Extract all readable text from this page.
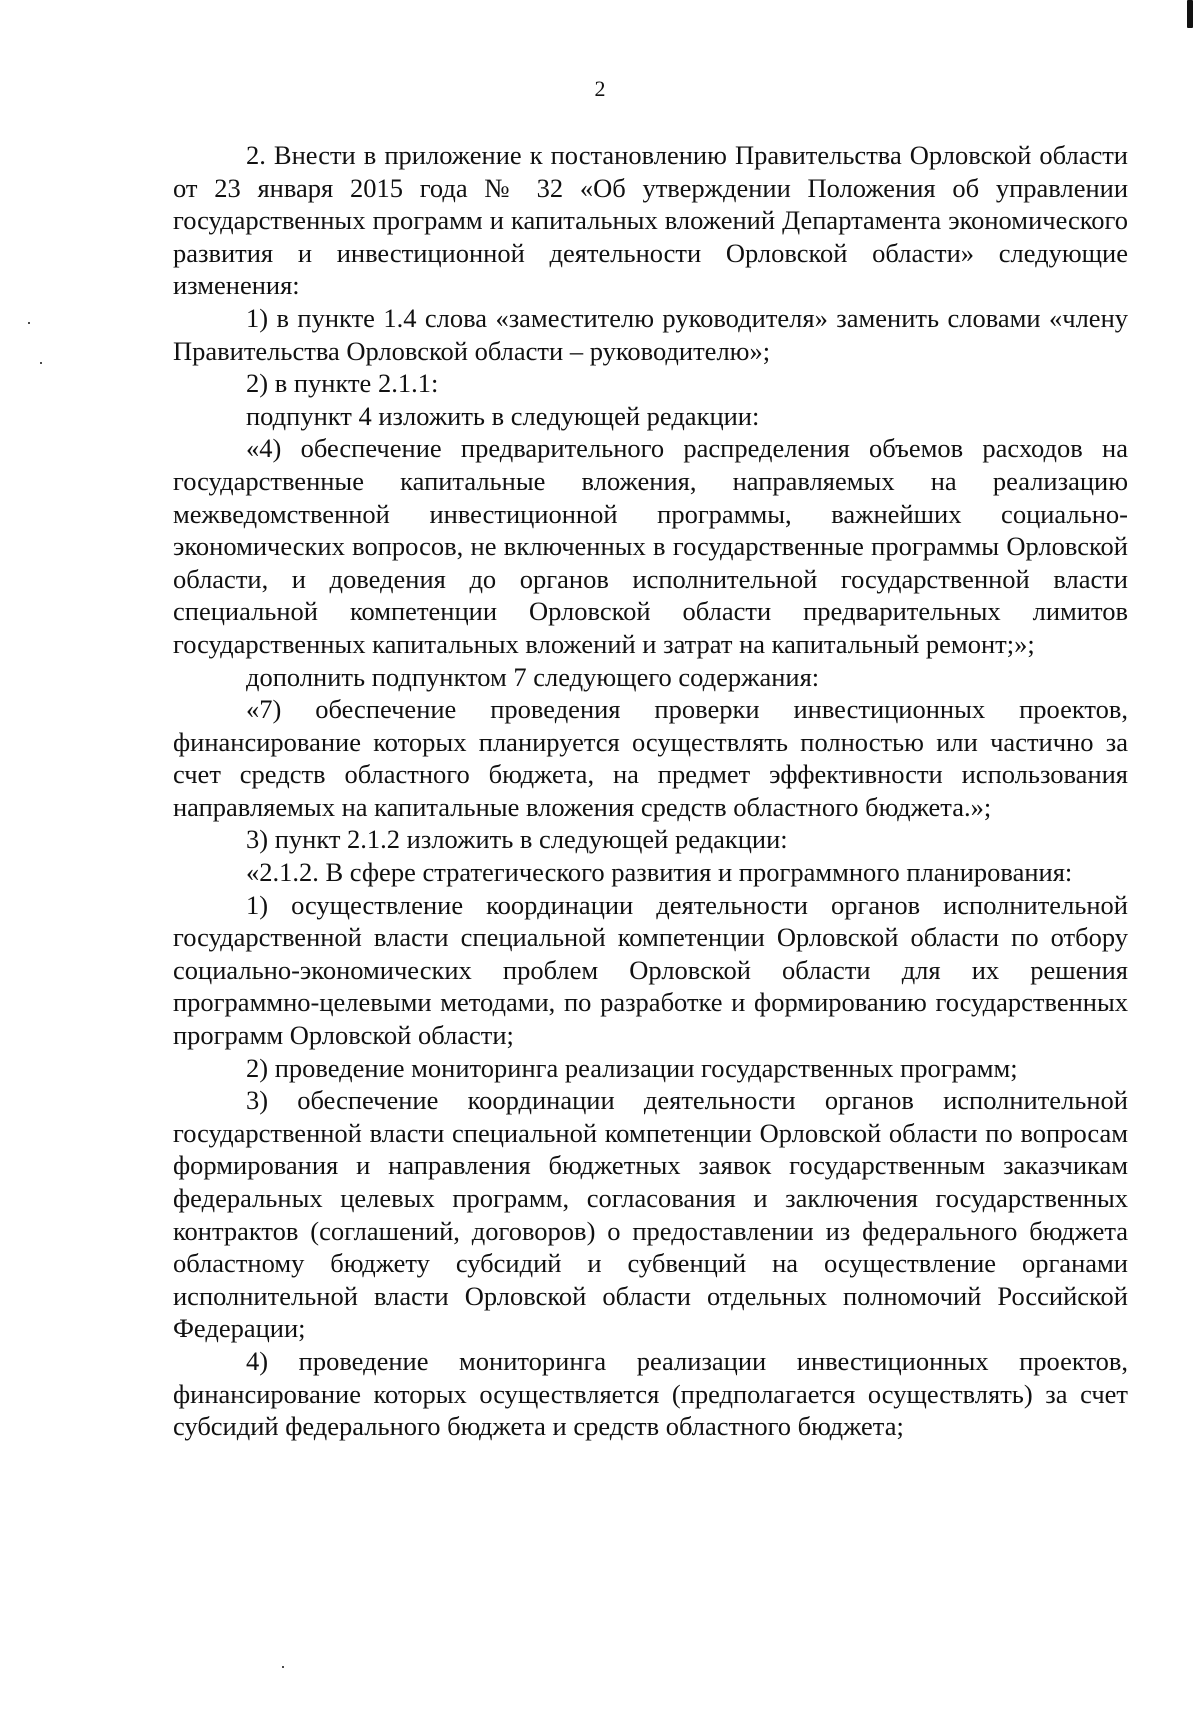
2

2. Внести в приложение к постановлению Правительства Орловской области от 23 января 2015 года № 32 «Об утверждении Положения об управлении государственных программ и капитальных вложений Департамента экономического развития и инвестиционной деятельности Орловской области» следующие изменения:

1) в пункте 1.4 слова «заместителю руководителя» заменить словами «члену Правительства Орловской области – руководителю»;

2) в пункте 2.1.1:

подпункт 4 изложить в следующей редакции:

«4) обеспечение предварительного распределения объемов расходов на государственные капитальные вложения, направляемых на реализацию межведомственной инвестиционной программы, важнейших социально-экономических вопросов, не включенных в государственные программы Орловской области, и доведения до органов исполнительной государственной власти специальной компетенции Орловской области предварительных лимитов государственных капитальных вложений и затрат на капитальный ремонт;»;

дополнить подпунктом 7 следующего содержания:

«7) обеспечение проведения проверки инвестиционных проектов, финансирование которых планируется осуществлять полностью или частично за счет средств областного бюджета, на предмет эффективности использования направляемых на капитальные вложения средств областного бюджета.»;

3) пункт 2.1.2 изложить в следующей редакции:

«2.1.2. В сфере стратегического развития и программного планирования:

1) осуществление координации деятельности органов исполнительной государственной власти специальной компетенции Орловской области по отбору социально-экономических проблем Орловской области для их решения программно-целевыми методами, по разработке и формированию государственных программ Орловской области;

2) проведение мониторинга реализации государственных программ;

3) обеспечение координации деятельности органов исполнительной государственной власти специальной компетенции Орловской области по вопросам формирования и направления бюджетных заявок государственным заказчикам федеральных целевых программ, согласования и заключения государственных контрактов (соглашений, договоров) о предоставлении из федерального бюджета областному бюджету субсидий и субвенций на осуществление органами исполнительной власти Орловской области отдельных полномочий Российской Федерации;

4) проведение мониторинга реализации инвестиционных проектов, финансирование которых осуществляется (предполагается осуществлять) за счет субсидий федерального бюджета и средств областного бюджета;
